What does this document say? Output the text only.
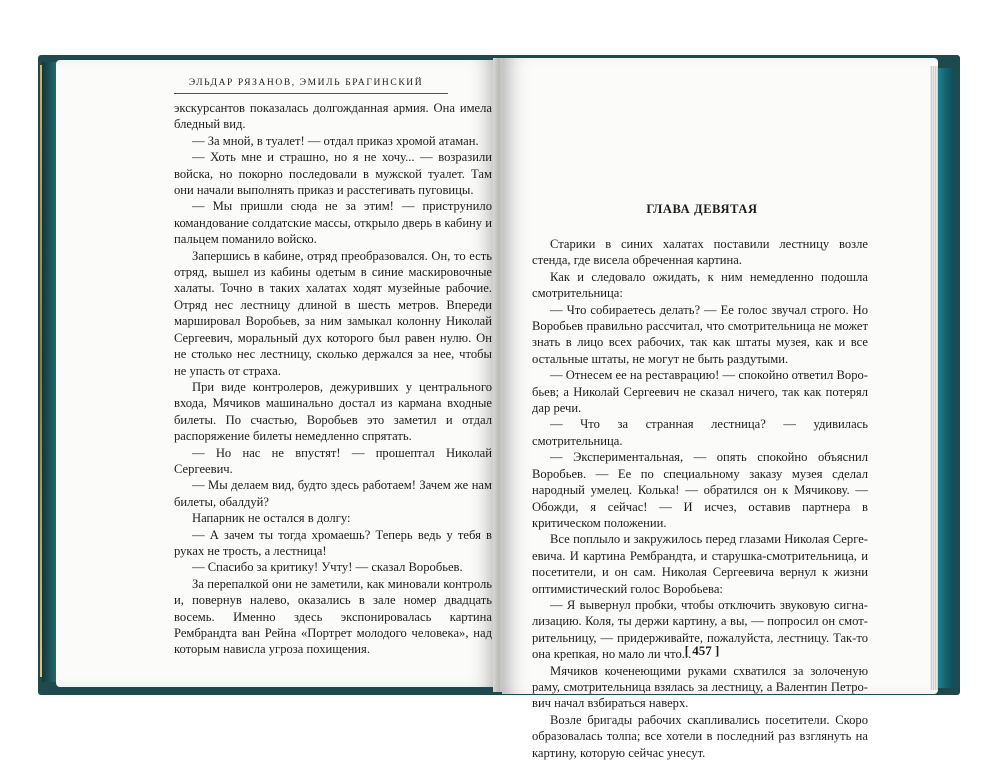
ЭЛЬДАР РЯЗАНОВ, ЭМИЛЬ БРАГИНСКИЙ

экскурсантов показалась долгожданная армия. Она имела бледный вид.

— За мной, в туалет! — отдал приказ хромой атаман.

— Хоть мне и страшно, но я не хочу... — возразили войска, но покорно последовали в мужской туалет. Там они начали выполнять приказ и расстегивать пуговицы.

— Мы пришли сюда не за этим! — приструнило командование солдатские массы, открыло дверь в кабину и пальцем поманило войско.

Запершись в кабине, отряд преобразовался. Он, то есть отряд, вышел из кабины одетым в синие маскировочные халаты. Точно в таких халатах ходят музейные рабочие. Отряд нес лестницу длиной в шесть метров. Впереди маршировал Воробьев, за ним замыкал колонну Николай Сергеевич, моральный дух которого был равен нулю. Он не столько нес лестницу, сколько держался за нее, чтобы не упасть от страха.

При виде контролеров, дежуривших у центрального входа, Мячиков машинально достал из кармана входные билеты. По счастью, Воробьев это заметил и отдал распоряжение билеты немедленно спрятать.

— Но нас не впустят! — прошептал Николай Сергеевич.

— Мы делаем вид, будто здесь работаем! Зачем же нам билеты, обалдуй?

Напарник не остался в долгу:

— А зачем ты тогда хромаешь? Теперь ведь у тебя в руках не трость, а лестница!

— Спасибо за критику! Учту! — сказал Воробьев.

За перепалкой они не заметили, как миновали контроль и, повернув налево, оказались в зале номер двадцать восемь. Именно здесь экспонировалась картина Рембрандта ван Рейна «Портрет молодого человека», над которым нависла угроза похищения.

ГЛАВА ДЕВЯТАЯ

Старики в синих халатах поставили лестницу возле стенда, где висела обреченная картина.

Как и следовало ожидать, к ним немедленно подошла смотрительница:

— Что собираетесь делать? — Ее голос звучал строго. Но Воробьев правильно рассчитал, что смотрительница не может знать в лицо всех рабочих, так как штаты музея, как и все остальные штаты, не могут не быть раздутыми.

— Отнесем ее на реставрацию! — спокойно ответил Воробьев; а Николай Сергеевич не сказал ничего, так как потерял дар речи.

— Что за странная лестница? — удивилась смотрительница.

— Экспериментальная, — опять спокойно объяснил Воробьев. — Ее по специальному заказу музея сделал народный умелец. Колька! — обратился он к Мячикову. — Обожди, я сейчас! — И исчез, оставив партнера в критическом положении.

Все поплыло и закружилось перед глазами Николая Сергеевича. И картина Рембрандта, и старушка-смотрительница, и посетители, и он сам. Николая Сергеевича вернул к жизни оптимистический голос Воробьева:

— Я вывернул пробки, чтобы отключить звуковую сигнализацию. Коля, ты держи картину, а вы, — попросил он смотрительницу, — придерживайте, пожалуйста, лестницу. Так-то она крепкая, но мало ли что...

Мячиков коченеющими руками схватился за золоченую раму, смотрительница взялась за лестницу, а Валентин Петрович начал взбираться наверх.

Возле бригады рабочих скапливались посетители. Скоро образовалась толпа; все хотели в последний раз взглянуть на картину, которую сейчас унесут.

[ 457 ]
